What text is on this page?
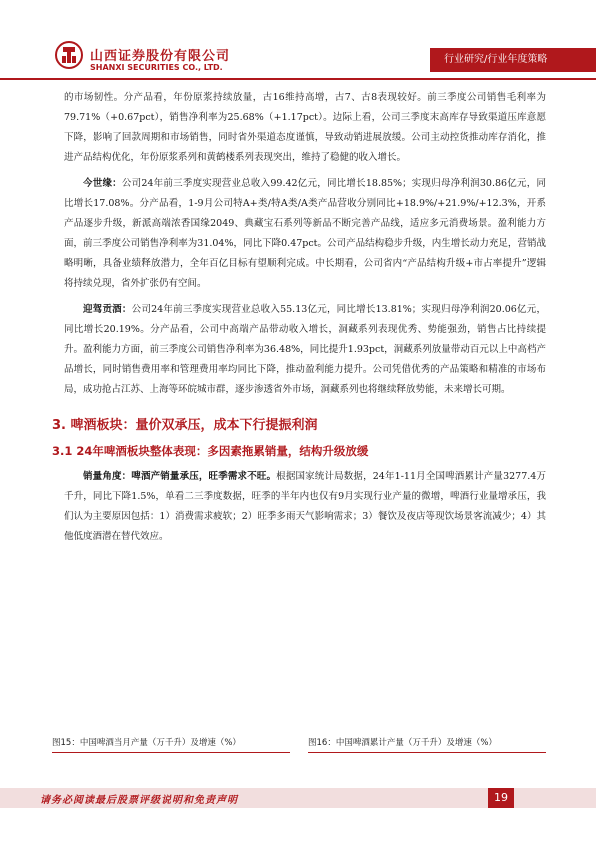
山西证券股份有限公司
SHANXI SECURITIES CO., LTD.
行业研究/行业年度策略

的市场韧性。分产品看，年份原浆持续放量，古16维持高增，古7、古8表现较好。前三季度公司销售毛利率为79.71%（+0.67pct），销售净利率为25.68%（+1.17pct）。边际上看，公司三季度末高库存导致渠道压库意愿下降，影响了回款周期和市场销售，同时省外渠道态度谨慎，导致动销进展放缓。公司主动控货推动库存消化，推进产品结构优化，年份原浆系列和黄鹤楼系列表现突出，维持了稳健的收入增长。

今世缘：公司24年前三季度实现营业总收入99.42亿元，同比增长18.85%；实现归母净利润30.86亿元，同比增长17.08%。分产品看，1-9月公司特A+类/特A类/A类产品营收分别同比+18.9%/+21.9%/+12.3%，开系产品逐步升级，新派高端浓香国缘2049、典藏宝石系列等新品不断完善产品线，适应多元消费场景。盈利能力方面，前三季度公司销售净利率为31.04%，同比下降0.47pct。公司产品结构稳步升级，内生增长动力充足，营销战略明晰，具备业绩释放潜力，全年百亿目标有望顺利完成。中长期看，公司省内“产品结构升级+市占率提升”逻辑将持续兑现，省外扩张仍有空间。

迎驾贡酒：公司24年前三季度实现营业总收入55.13亿元，同比增长13.81%；实现归母净利润20.06亿元，同比增长20.19%。分产品看，公司中高端产品带动收入增长，洞藏系列表现优秀、势能强劲，销售占比持续提升。盈利能力方面，前三季度公司销售净利率为36.48%，同比提升1.93pct，洞藏系列放量带动百元以上中高档产品增长，同时销售费用率和管理费用率均同比下降，推动盈利能力提升。公司凭借优秀的产品策略和精准的市场布局，成功抢占江苏、上海等环皖城市群，逐步渗透省外市场，洞藏系列也将继续释放势能，未来增长可期。

3. 啤酒板块：量价双承压，成本下行提振利润
3.1 24年啤酒板块整体表现：多因素拖累销量，结构升级放缓

销量角度：啤酒产销量承压，旺季需求不旺。根据国家统计局数据，24年1-11月全国啤酒累计产量3277.4万千升，同比下降1.5%，单看二三季度数据，旺季的半年内也仅有9月实现行业产量的微增，啤酒行业量增承压，我们认为主要原因包括：1）消费需求疲软；2）旺季多雨天气影响需求；3）餐饮及夜店等现饮场景客流减少；4）其他低度酒潜在替代效应。

图15：中国啤酒当月产量（万千升）及增速（%）	图16：中国啤酒累计产量（万千升）及增速（%）
请务必阅读最后股票评级说明和免责声明	19
